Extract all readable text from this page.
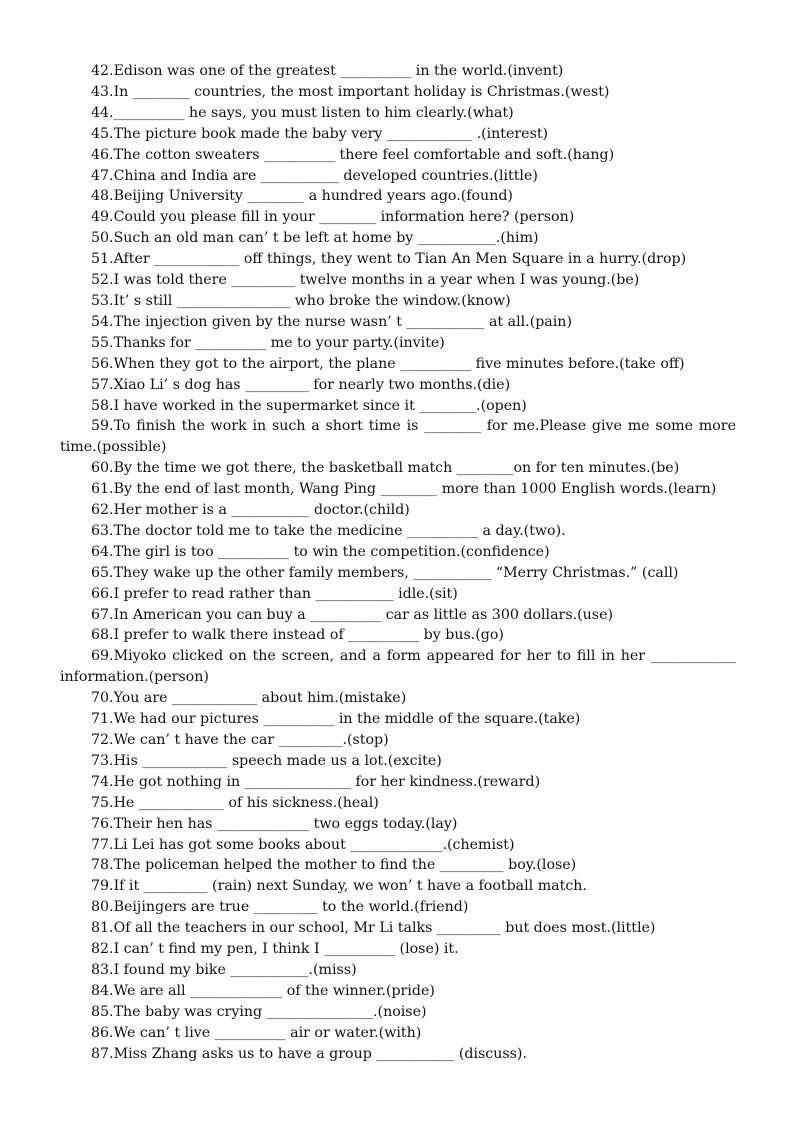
42.Edison was one of the greatest __________ in the world.(invent)

43.In ________ countries, the most important holiday is Christmas.(west)

44.__________ he says, you must listen to him clearly.(what)

45.The picture book made the baby very ____________ .(interest)

46.The cotton sweaters __________ there feel comfortable and soft.(hang)

47.China and India are ___________ developed countries.(little)

48.Beijing University ________ a hundred years ago.(found)

49.Could you please fill in your ________ information here? (person)

50.Such an old man can’ t be left at home by ___________.(him)

51.After ____________ off things, they went to Tian An Men Square in a hurry.(drop)

52.I was told there _________ twelve months in a year when I was young.(be)

53.It’ s still ________________ who broke the window.(know)

54.The injection given by the nurse wasn’ t ___________ at all.(pain)

55.Thanks for __________ me to your party.(invite)

56.When they got to the airport, the plane __________ five minutes before.(take off)

57.Xiao Li’ s dog has _________ for nearly two months.(die)

58.I have worked in the supermarket since it ________.(open)

59.To finish the work in such a short time is ________ for me.Please give me some more time.(possible)

60.By the time we got there, the basketball match ________on for ten minutes.(be)

61.By the end of last month, Wang Ping ________ more than 1000 English words.(learn)

62.Her mother is a ___________ doctor.(child)

63.The doctor told me to take the medicine __________ a day.(two).

64.The girl is too __________ to win the competition.(confidence)

65.They wake up the other family members, ___________ “Merry Christmas.” (call)

66.I prefer to read rather than ___________ idle.(sit)

67.In American you can buy a __________ car as little as 300 dollars.(use)

68.I prefer to walk there instead of __________ by bus.(go)

69.Miyoko clicked on the screen, and a form appeared for her to fill in her ____________ information.(person)

70.You are ____________ about him.(mistake)

71.We had our pictures __________ in the middle of the square.(take)

72.We can’ t have the car _________.(stop)

73.His ____________ speech made us a lot.(excite)

74.He got nothing in _______________ for her kindness.(reward)

75.He ____________ of his sickness.(heal)

76.Their hen has _____________ two eggs today.(lay)

77.Li Lei has got some books about _____________.(chemist)

78.The policeman helped the mother to find the _________ boy.(lose)

79.If it _________ (rain) next Sunday, we won’ t have a football match.

80.Beijingers are true _________ to the world.(friend)

81.Of all the teachers in our school, Mr Li talks _________ but does most.(little)

82.I can’ t find my pen, I think I __________ (lose) it.

83.I found my bike ___________.(miss)

84.We are all _____________ of the winner.(pride)

85.The baby was crying _______________.(noise)

86.We can’ t live __________ air or water.(with)

87.Miss Zhang asks us to have a group ___________ (discuss).
